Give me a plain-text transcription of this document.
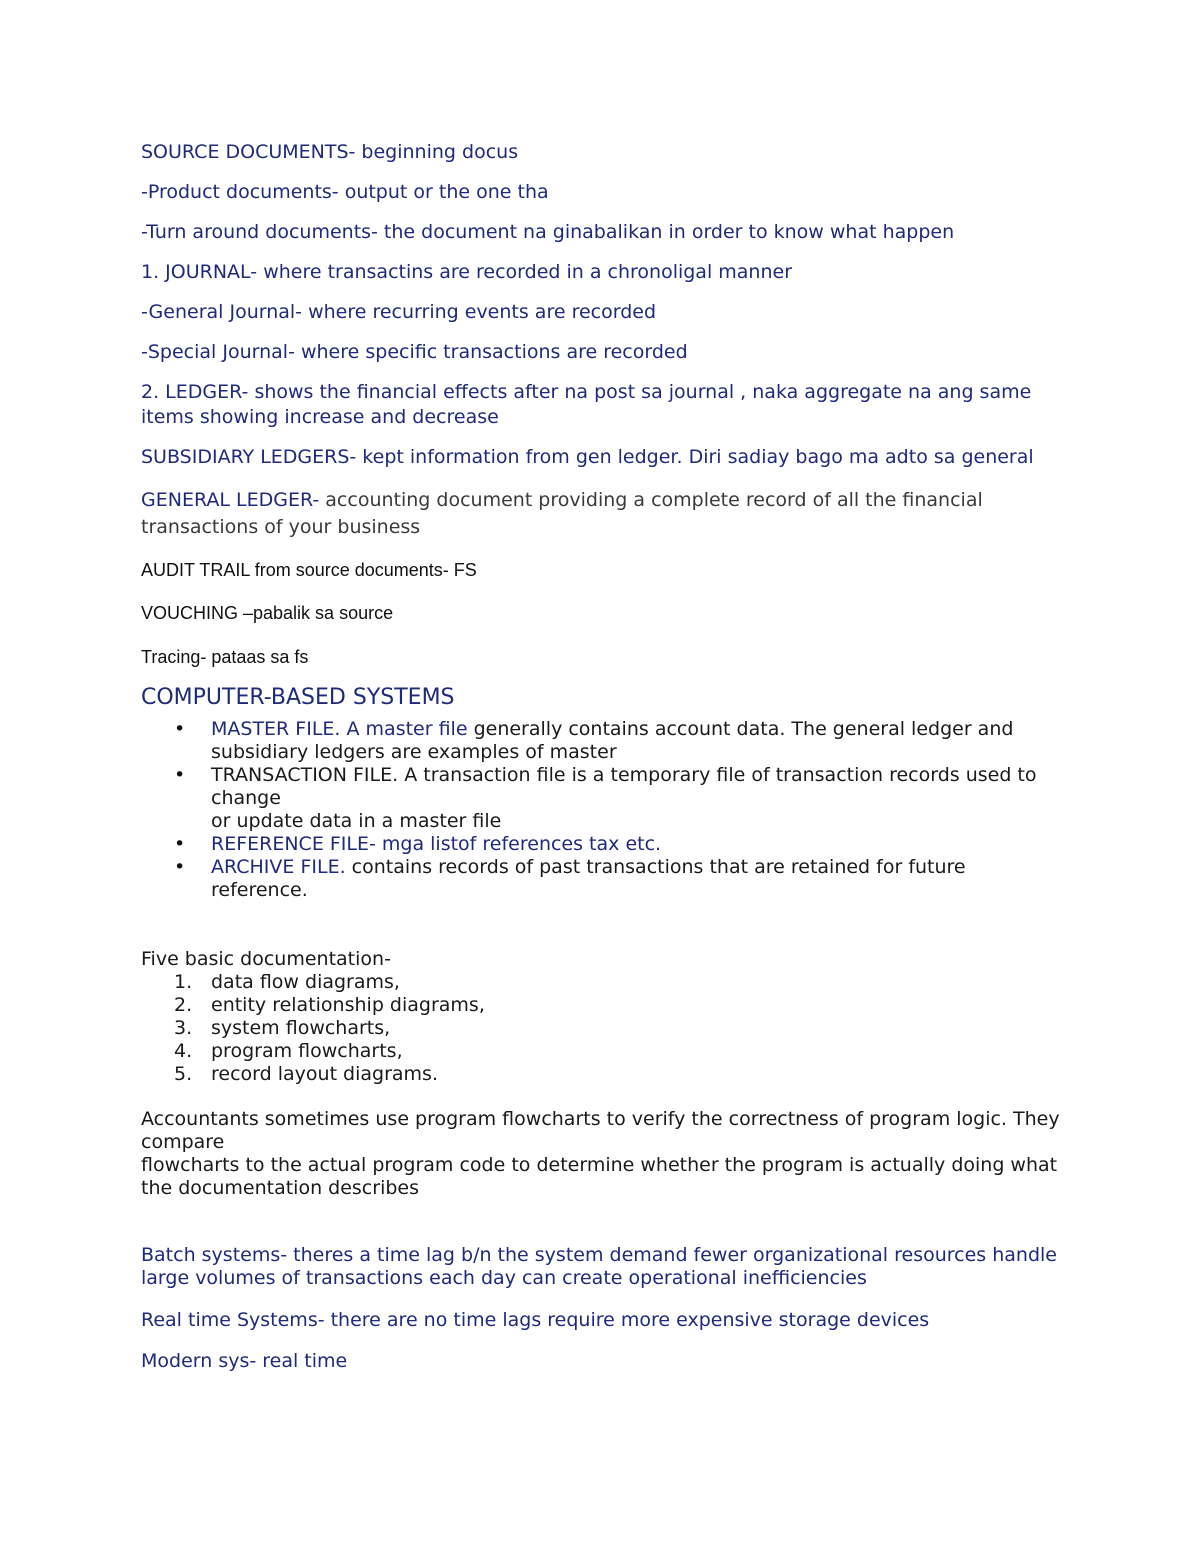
SOURCE DOCUMENTS- beginning docus

-Product documents- output or the one tha

-Turn around documents- the document na ginabalikan in order to know what happen

1. JOURNAL- where transactins are recorded in a chronoligal manner

-General Journal- where recurring events are recorded

-Special Journal- where specific transactions are recorded

2. LEDGER- shows the financial effects after na post sa journal , naka aggregate na ang same items showing increase and decrease

SUBSIDIARY LEDGERS- kept information from gen ledger. Diri sadiay bago ma adto sa general

GENERAL LEDGER- accounting document providing a complete record of all the financial transactions of your business

AUDIT TRAIL from source documents- FS

VOUCHING –pabalik sa source

Tracing- pataas sa fs

COMPUTER-BASED SYSTEMS
• MASTER FILE. A master file generally contains account data. The general ledger and subsidiary ledgers are examples of master
• TRANSACTION FILE. A transaction file is a temporary file of transaction records used to change
or update data in a master file
• REFERENCE FILE- mga listof references tax etc.
• ARCHIVE FILE. contains records of past transactions that are retained for future reference.

Five basic documentation-

1. data flow diagrams,
2. entity relationship diagrams,
3. system flowcharts,
4. program flowcharts,
5. record layout diagrams.

Accountants sometimes use program flowcharts to verify the correctness of program logic. They compare
flowcharts to the actual program code to determine whether the program is actually doing what the documentation describes

Batch systems- theres a time lag b/n the system demand fewer organizational resources handle large volumes of transactions each day can create operational inefficiencies

Real time Systems- there are no time lags require more expensive storage devices

Modern sys- real time
